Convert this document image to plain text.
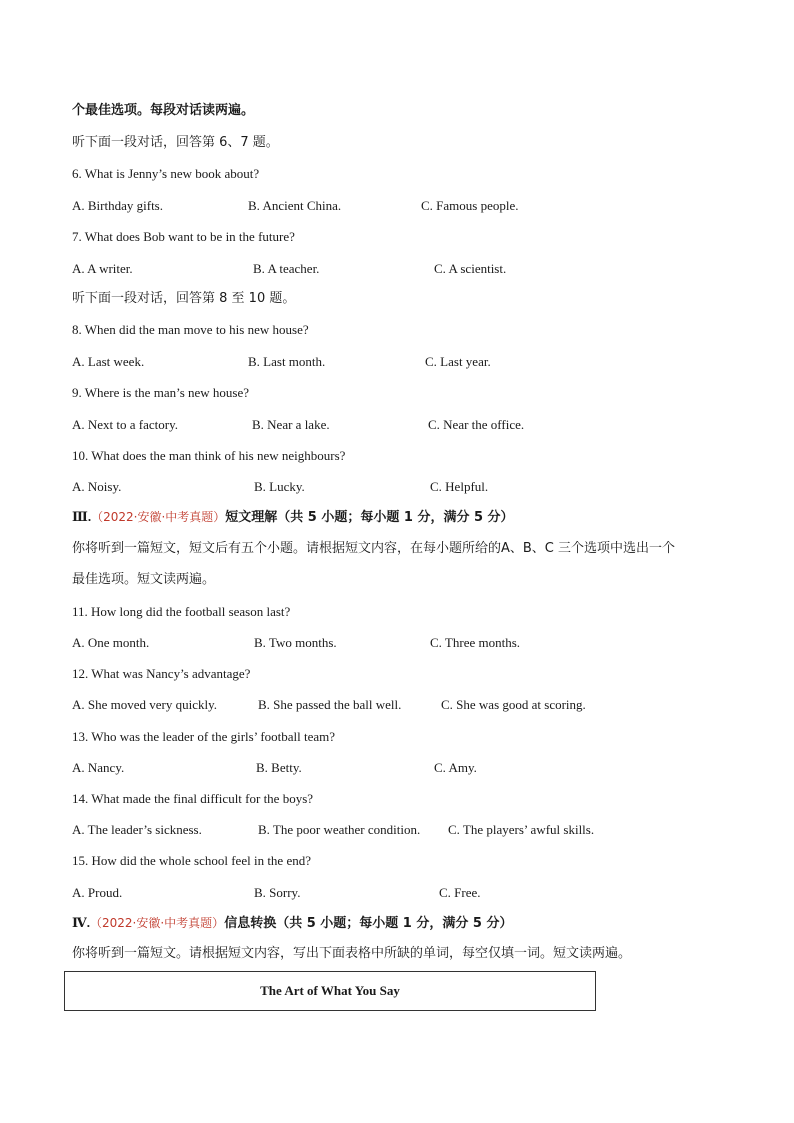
个最佳选项。每段对话读两遍。
听下面一段对话，回答第 6、7 题。
6. What is Jenny’s new book about?
A. Birthday gifts.	B. Ancient China.	C. Famous people.
7. What does Bob want to be in the future?
A. A writer.	B. A teacher.	C. A scientist.
听下面一段对话，回答第 8 至 10 题。
8. When did the man move to his new house?
A. Last week.	B. Last month.	C. Last year.
9. Where is the man’s new house?
A. Next to a factory.	B. Near a lake.	C. Near the office.
10. What does the man think of his new neighbours?
A. Noisy.	B. Lucky.	C. Helpful.
Ⅲ.（2022·安徽·中考真题）短文理解（共 5 小题；每小题 1 分，满分 5 分）
你将听到一篇短文，短文后有五个小题。请根据短文内容，在每小题所给的A、B、C 三个选项中选出一个
最佳选项。短文读两遍。
11. How long did the football season last?
A. One month.	B. Two months.	C. Three months.
12. What was Nancy’s advantage?
A. She moved very quickly.	B. She passed the ball well.	C. She was good at scoring.
13. Who was the leader of the girls’ football team?
A. Nancy.	B. Betty.	C. Amy.
14. What made the final difficult for the boys?
A. The leader’s sickness.	B. The poor weather condition. C. The players’ awful skills.
15. How did the whole school feel in the end?
A. Proud.	B. Sorry.	C. Free.
Ⅳ.（2022·安徽·中考真题）信息转换（共 5 小题；每小题 1 分，满分 5 分）
你将听到一篇短文。请根据短文内容，写出下面表格中所缺的单词，每空仅填一词。短文读两遍。
The Art of What You Say
